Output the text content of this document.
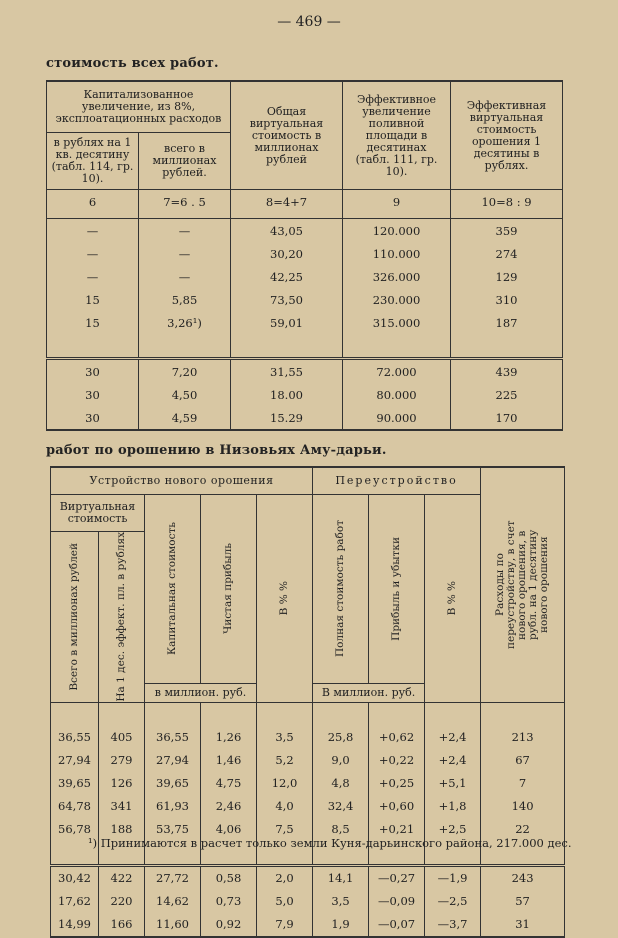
— 469 —
стоимость всех работ.
Капитализованное увеличение, из 8%, эксплоатационных расходов		Общая виртуальная стоимость в миллионах рублей	Эффективное увеличение поливной площади в десятинах (табл. 111, гр. 10).	Эффективная виртуальная стоимость орошения 1 десятины в рублях.
в рублях на 1 кв. десятину (табл. 114, гр. 10).	всего в миллионах рублей.			
6	7=6 . 5	8=4+7	9	10=8 : 9
—	—	43,05	120.000	359
—	—	30,20	110.000	274
—	—	42,25	326.000	129
15	5,85	73,50	230.000	310
15	3,26¹)	59,01	315.000	187

30	7,20	31,55	72.000	439
30	4,50	18.00	80.000	225
30	4,59	15.29	90.000	170
работ по орошению в Низовьях Аму-дарьи.
Устройство нового орошения					Переустройство			Расходы по переустройству, в счет нового орошения, в рубл. на 1 десятину нового орошения

Виртуальная стоимость		Капитальная стоимость	Чистая прибыль	В % %	Полная стоимость работ	Прибыль и убытки	В % %	

Всего в миллионах рублей	На 1 дес. эффект. пл. в рублях							

		в миллион. руб.			В миллион. руб.			

36,55	405	36,55	1,26	3,5	25,8	+0,62	+2,4	213
27,94	279	27,94	1,46	5,2	9,0	+0,22	+2,4	67
39,65	126	39,65	4,75	12,0	4,8	+0,25	+5,1	7
64,78	341	61,93	2,46	4,0	32,4	+0,60	+1,8	140
56,78	188	53,75	4,06	7,5	8,5	+0,21	+2,5	22

30,42	422	27,72	0,58	2,0	14,1	—0,27	—1,9	243
17,62	220	14,62	0,73	5,0	3,5	—0,09	—2,5	57
14,99	166	11,60	0,92	7,9	1,9	—0,07	—3,7	31
¹) Принимаются в расчет только земли Куня-дарьинского района, 217.000 дес.
